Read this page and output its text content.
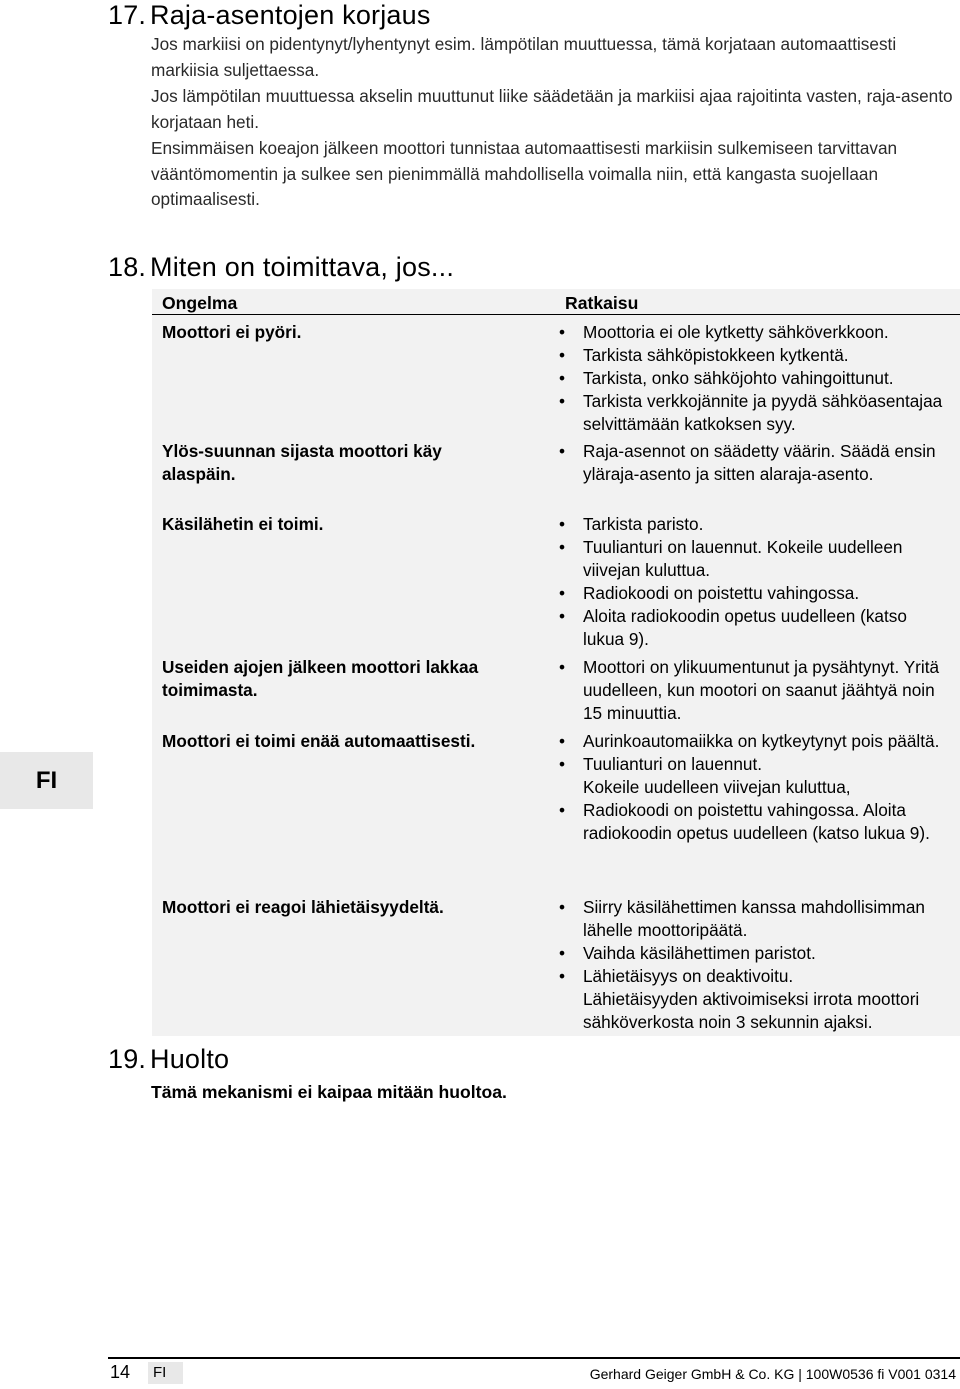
17. Raja-asentojen korjaus
Jos markiisi on pidentynyt/lyhentynyt esim. lämpötilan muuttuessa, tämä korjataan automaattisesti markiisia suljettaessa.
Jos lämpötilan muuttuessa akselin muuttunut liike säädetään ja markiisi ajaa rajoitinta vasten, raja-asento korjataan heti.
Ensimmäisen koeajon jälkeen moottori tunnistaa automaattisesti markiisin sulkemiseen tarvittavan vääntömomentin ja sulkee sen pienimmällä mahdollisella voimalla niin, että kangasta suojellaan optimaalisesti.
18. Miten on toimittava, jos...
Ongelma	Ratkaisu
Moottori ei pyöri.	• Moottoria ei ole kytketty sähköverkkoon.
• Tarkista sähköpistokkeen kytkentä.
• Tarkista, onko sähköjohto vahingoittunut.
• Tarkista verkkojännite ja pyydä sähköasentajaa selvittämään katkoksen syy.
Ylös-suunnan sijasta moottori käy alaspäin.
• Raja-asennot on säädetty väärin. Säädä ensin yläraja-asento ja sitten alaraja-asento.
Käsilähetin ei toimi.	• Tarkista paristo.
• Tuulianturi on lauennut. Kokeile uudelleen viivejan kuluttua.
• Radiokoodi on poistettu vahingossa.
• Aloita radiokoodin opetus uudelleen (katso lukua 9).
Useiden ajojen jälkeen moottori lakkaa toimimasta.
• Moottori on ylikuumentunut ja pysähtynyt. Yritä uudelleen, kun mootori on saanut jäähtyä noin 15 minuuttia.
Moottori ei toimi enää automaattisesti.	• Aurinkoautomaiikka on kytkeytynyt pois päältä.
• Tuulianturi on lauennut.
Kokeile uudelleen viivejan kuluttua,
• Radiokoodi on poistettu vahingossa. Aloita radiokoodin opetus uudelleen (katso lukua 9).
Moottori ei reagoi lähietäisyydeltä.	• Siirry käsilähettimen kanssa mahdollisimman lähelle moottoripäätä.
• Vaihda käsilähettimen paristot.
• Lähietäisyys on deaktivoitu.
Lähietäisyyden aktivoimiseksi irrota moottori sähköverkosta noin 3 sekunnin ajaksi.
19. Huolto
Tämä mekanismi ei kaipaa mitään huoltoa.
FI
14	FI	Gerhard Geiger GmbH & Co. KG | 100W0536 fi V001 0314
